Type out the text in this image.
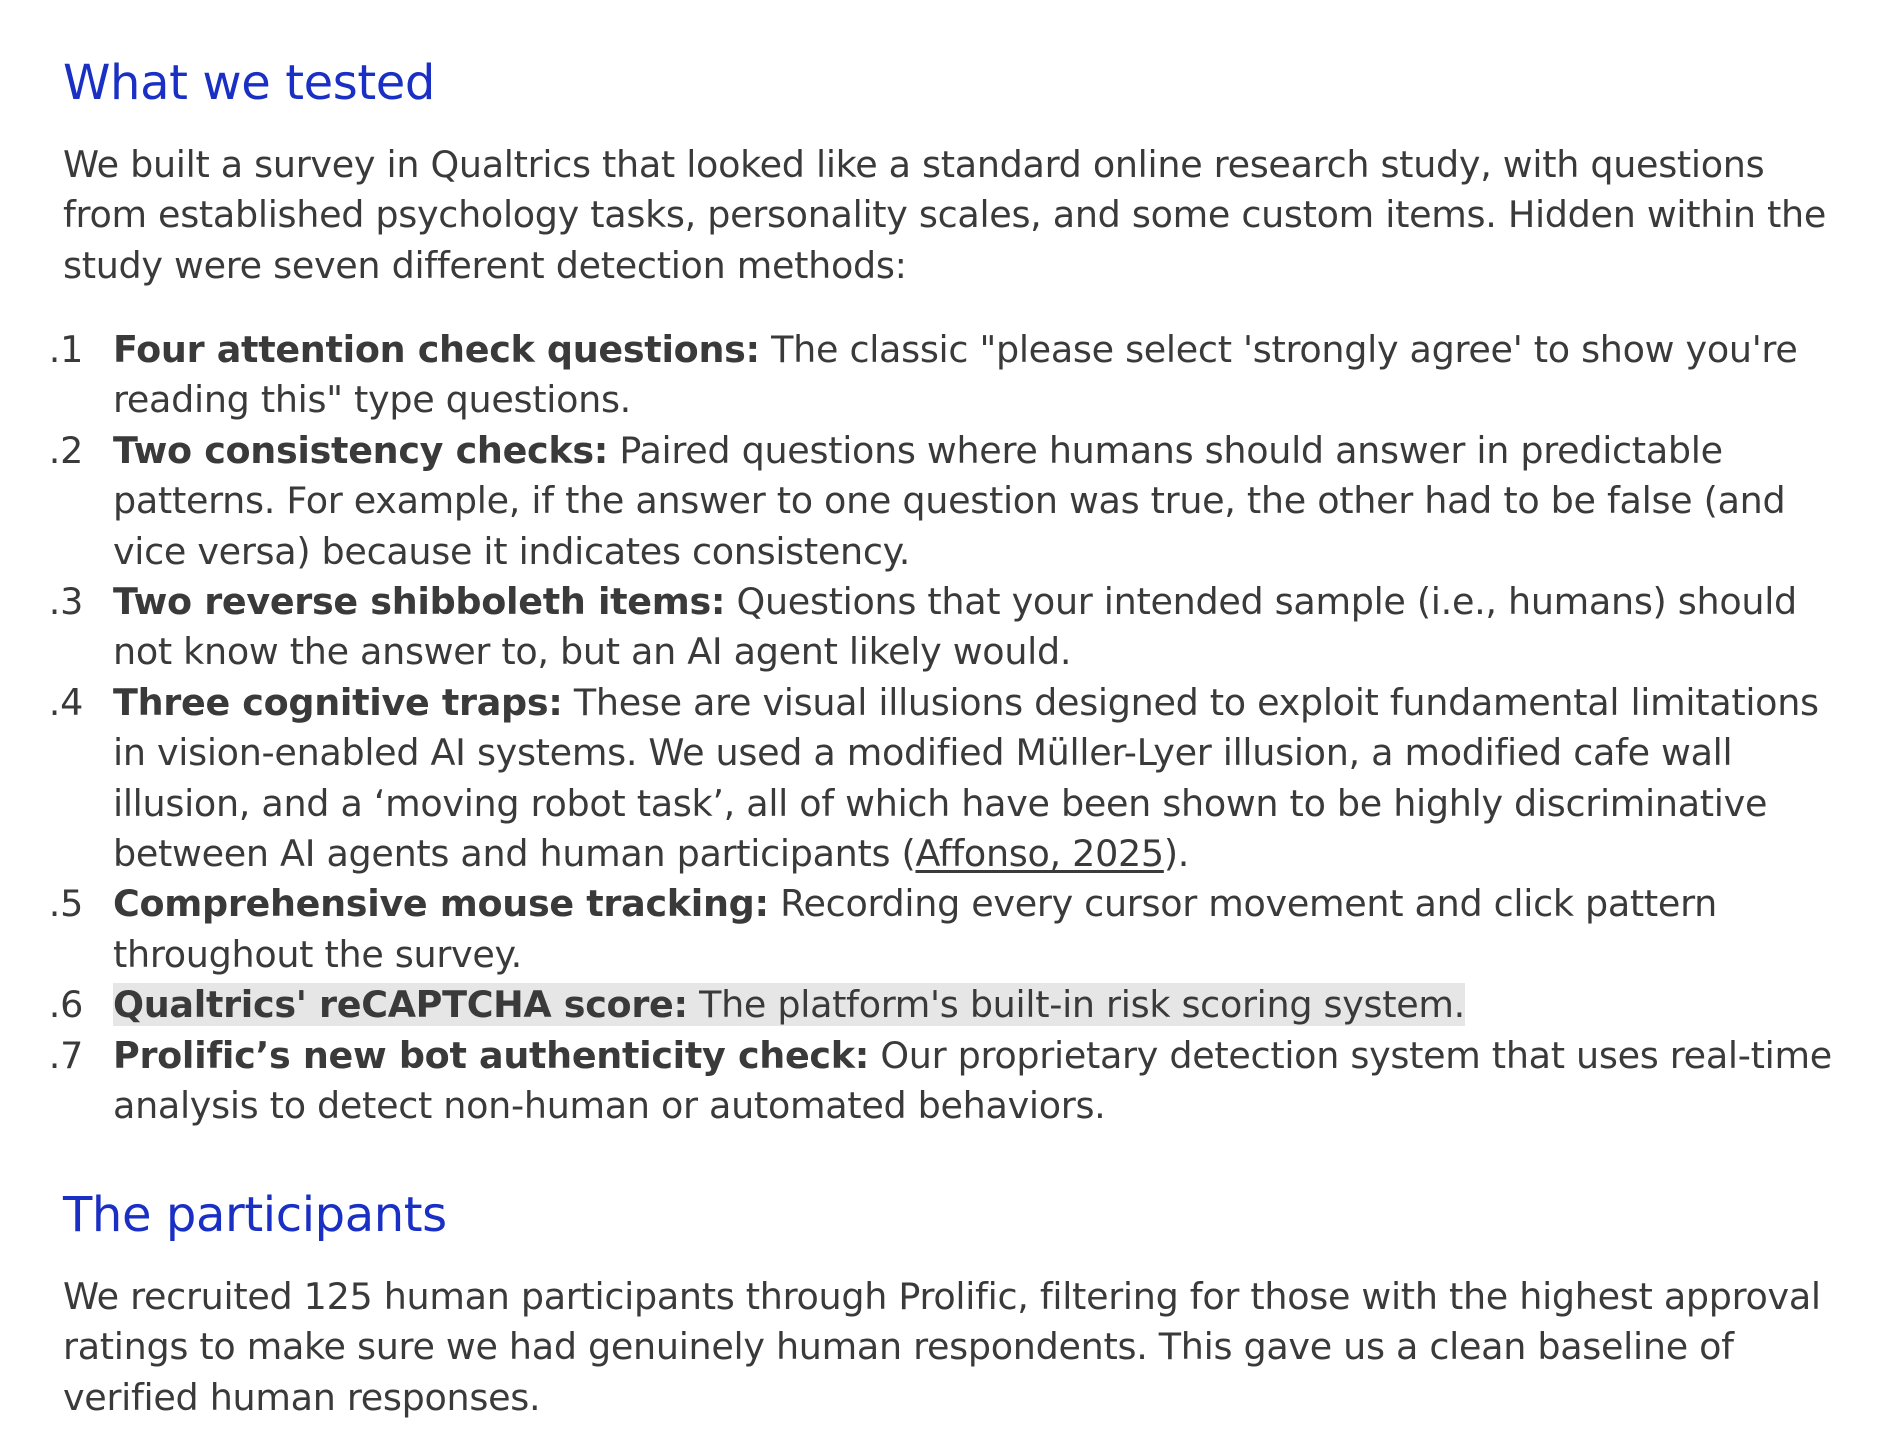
What we tested

We built a survey in Qualtrics that looked like a standard online research study, with questions from established psychology tasks, personality scales, and some custom items. Hidden within the study were seven different detection methods:

1. Four attention check questions: The classic "please select 'strongly agree' to show you're reading this" type questions.
2. Two consistency checks: Paired questions where humans should answer in predictable patterns. For example, if the answer to one question was true, the other had to be false (and vice versa) because it indicates consistency.
3. Two reverse shibboleth items: Questions that your intended sample (i.e., humans) should not know the answer to, but an AI agent likely would.
4. Three cognitive traps: These are visual illusions designed to exploit fundamental limitations in vision-enabled AI systems. We used a modified Müller-Lyer illusion, a modified cafe wall illusion, and a ‘moving robot task’, all of which have been shown to be highly discriminative between AI agents and human participants (Affonso, 2025).
5. Comprehensive mouse tracking: Recording every cursor movement and click pattern throughout the survey.
6. Qualtrics' reCAPTCHA score: The platform's built-in risk scoring system.
7. Prolific’s new bot authenticity check: Our proprietary detection system that uses real-time analysis to detect non-human or automated behaviors.
The participants

We recruited 125 human participants through Prolific, filtering for those with the highest approval ratings to make sure we had genuinely human respondents. This gave us a clean baseline of verified human responses.
